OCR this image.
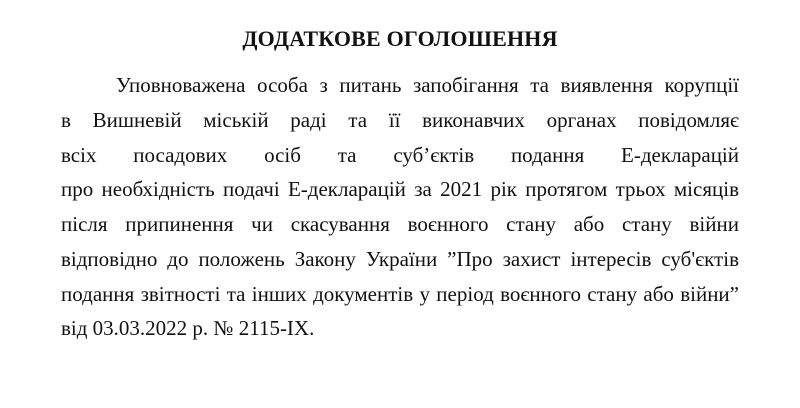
ДОДАТКОВЕ ОГОЛОШЕННЯ

Уповноважена особа з питань запобігання та виявлення корупції

в Вишневій міській раді та її виконавчих органах повідомляє

всіх посадових осіб та суб’єктів подання Е-декларацій

про необхідність подачі Е-декларацій за 2021 рік протягом трьох місяців

після припинення чи скасування воєнного стану або стану війни

відповідно до положень Закону України ”Про захист інтересів суб'єктів

подання звітності та інших документів у період воєнного стану або війни”

від 03.03.2022 р. № 2115-ІХ.
